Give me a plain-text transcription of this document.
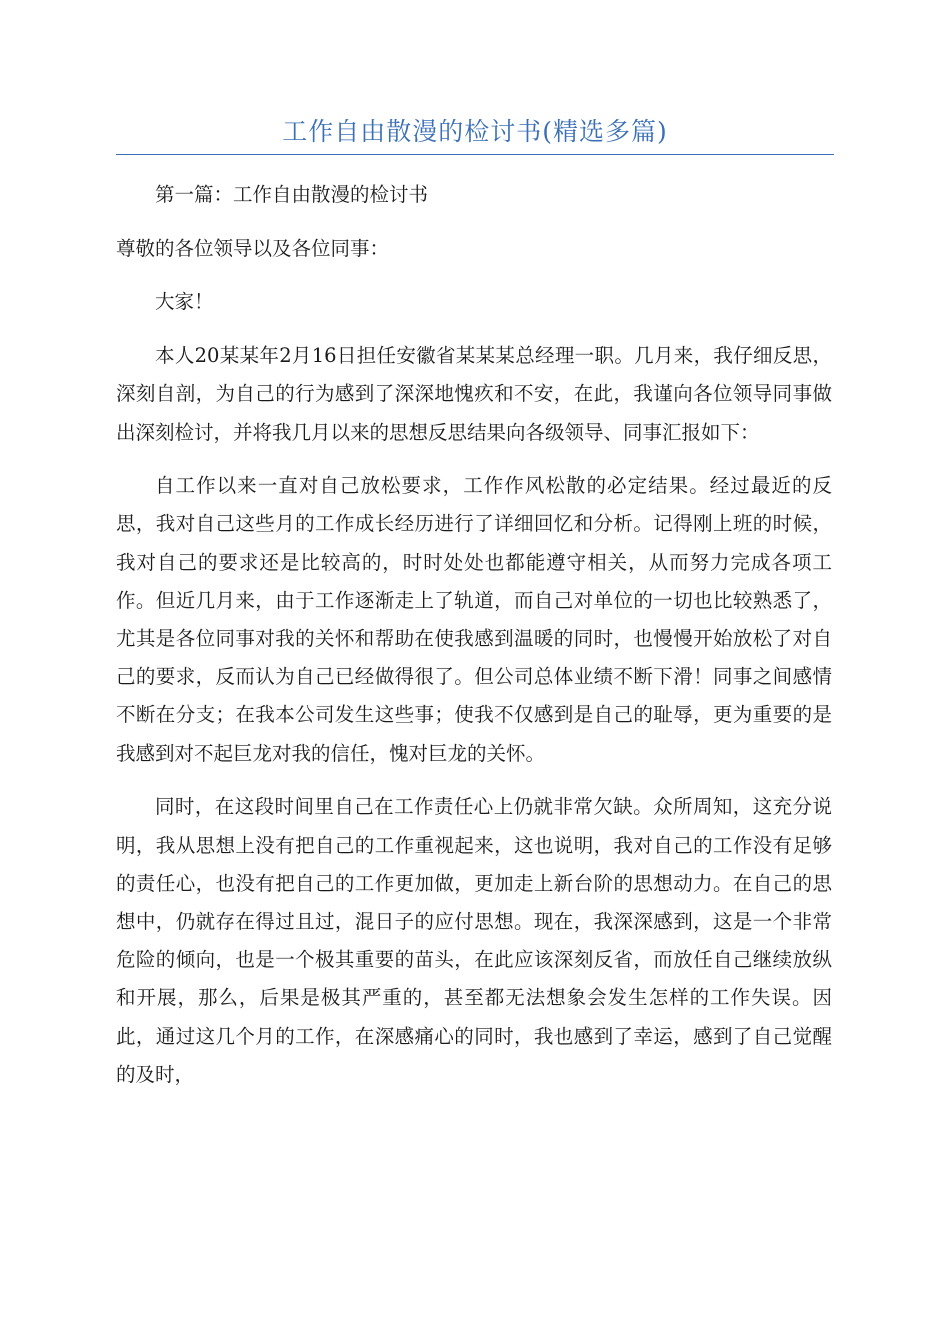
工作自由散漫的检讨书(精选多篇)

第一篇：工作自由散漫的检讨书

尊敬的各位领导以及各位同事：

大家！

本人20某某年2月16日担任安徽省某某某总经理一职。几月来，我仔细反思，深刻自剖，为自己的行为感到了深深地愧疚和不安，在此，我谨向各位领导同事做出深刻检讨，并将我几月以来的思想反思结果向各级领导、同事汇报如下：

自工作以来一直对自己放松要求，工作作风松散的必定结果。经过最近的反思，我对自己这些月的工作成长经历进行了详细回忆和分析。记得刚上班的时候，我对自己的要求还是比较高的，时时处处也都能遵守相关，从而努力完成各项工作。但近几月来，由于工作逐渐走上了轨道，而自己对单位的一切也比较熟悉了，尤其是各位同事对我的关怀和帮助在使我感到温暖的同时，也慢慢开始放松了对自己的要求，反而认为自己已经做得很了。但公司总体业绩不断下滑！同事之间感情不断在分支；在我本公司发生这些事；使我不仅感到是自己的耻辱，更为重要的是我感到对不起巨龙对我的信任，愧对巨龙的关怀。

同时，在这段时间里自己在工作责任心上仍就非常欠缺。众所周知，这充分说明，我从思想上没有把自己的工作重视起来，这也说明，我对自己的工作没有足够的责任心，也没有把自己的工作更加做，更加走上新台阶的思想动力。在自己的思想中，仍就存在得过且过，混日子的应付思想。现在，我深深感到，这是一个非常危险的倾向，也是一个极其重要的苗头，在此应该深刻反省，而放任自己继续放纵和开展，那么，后果是极其严重的，甚至都无法想象会发生怎样的工作失误。因此，通过这几个月的工作，在深感痛心的同时，我也感到了幸运，感到了自己觉醒的及时，
